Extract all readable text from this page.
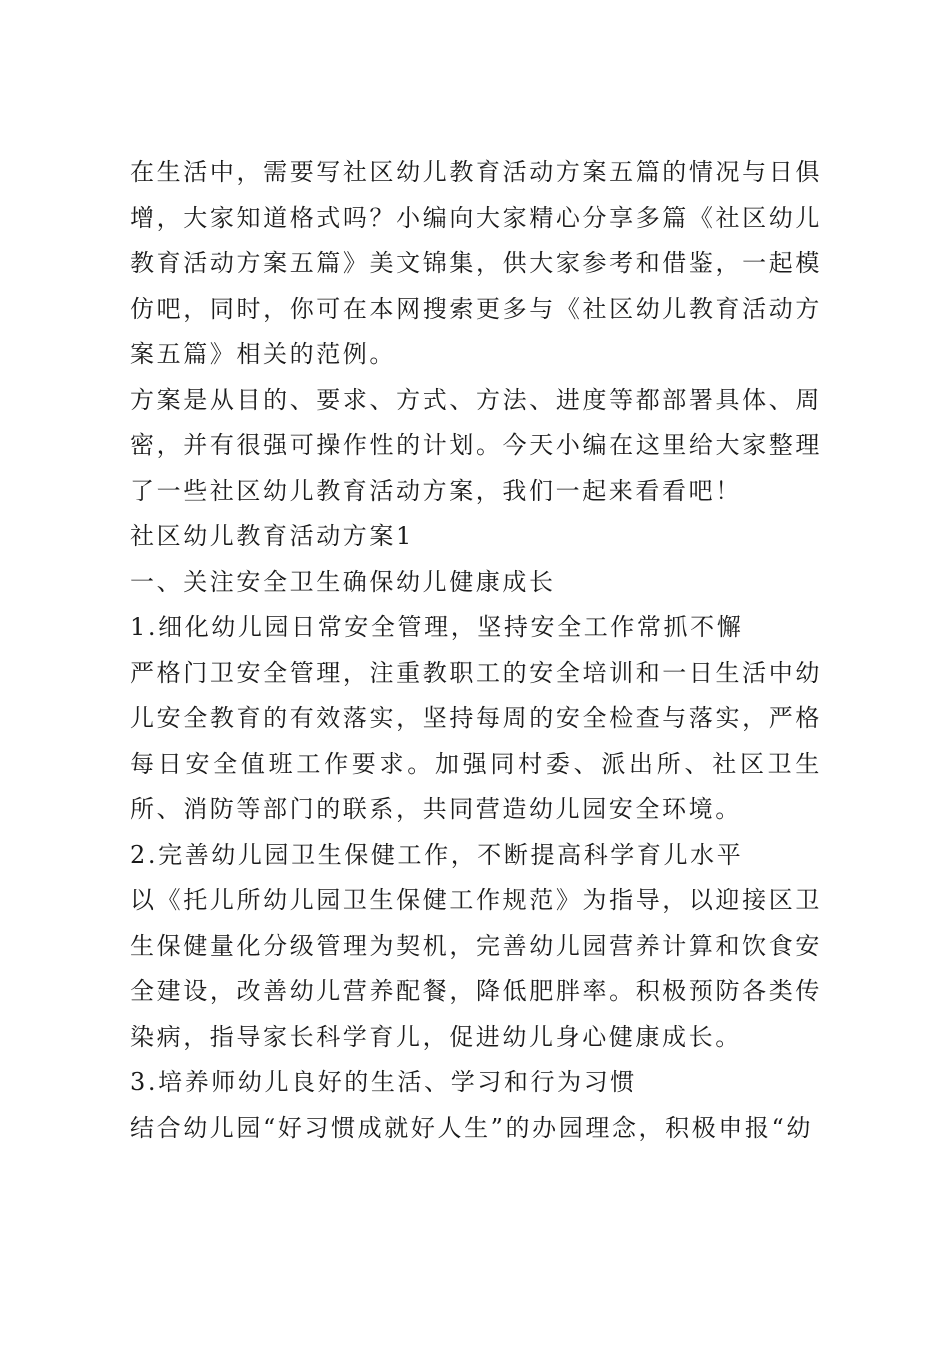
在生活中，需要写社区幼儿教育活动方案五篇的情况与日俱增，大家知道格式吗？小编向大家精心分享多篇《社区幼儿教育活动方案五篇》美文锦集，供大家参考和借鉴，一起模仿吧，同时，你可在本网搜索更多与《社区幼儿教育活动方案五篇》相关的范例。

方案是从目的、要求、方式、方法、进度等都部署具体、周密，并有很强可操作性的计划。今天小编在这里给大家整理了一些社区幼儿教育活动方案，我们一起来看看吧！

社区幼儿教育活动方案1

一、关注安全卫生确保幼儿健康成长

1.细化幼儿园日常安全管理，坚持安全工作常抓不懈

严格门卫安全管理，注重教职工的安全培训和一日生活中幼儿安全教育的有效落实，坚持每周的安全检查与落实，严格每日安全值班工作要求。加强同村委、派出所、社区卫生所、消防等部门的联系，共同营造幼儿园安全环境。

2.完善幼儿园卫生保健工作，不断提高科学育儿水平

以《托儿所幼儿园卫生保健工作规范》为指导，以迎接区卫生保健量化分级管理为契机，完善幼儿园营养计算和饮食安全建设，改善幼儿营养配餐，降低肥胖率。积极预防各类传染病，指导家长科学育儿，促进幼儿身心健康成长。

3.培养师幼儿良好的生活、学习和行为习惯

结合幼儿园“好习惯成就好人生”的办园理念，积极申报“幼
